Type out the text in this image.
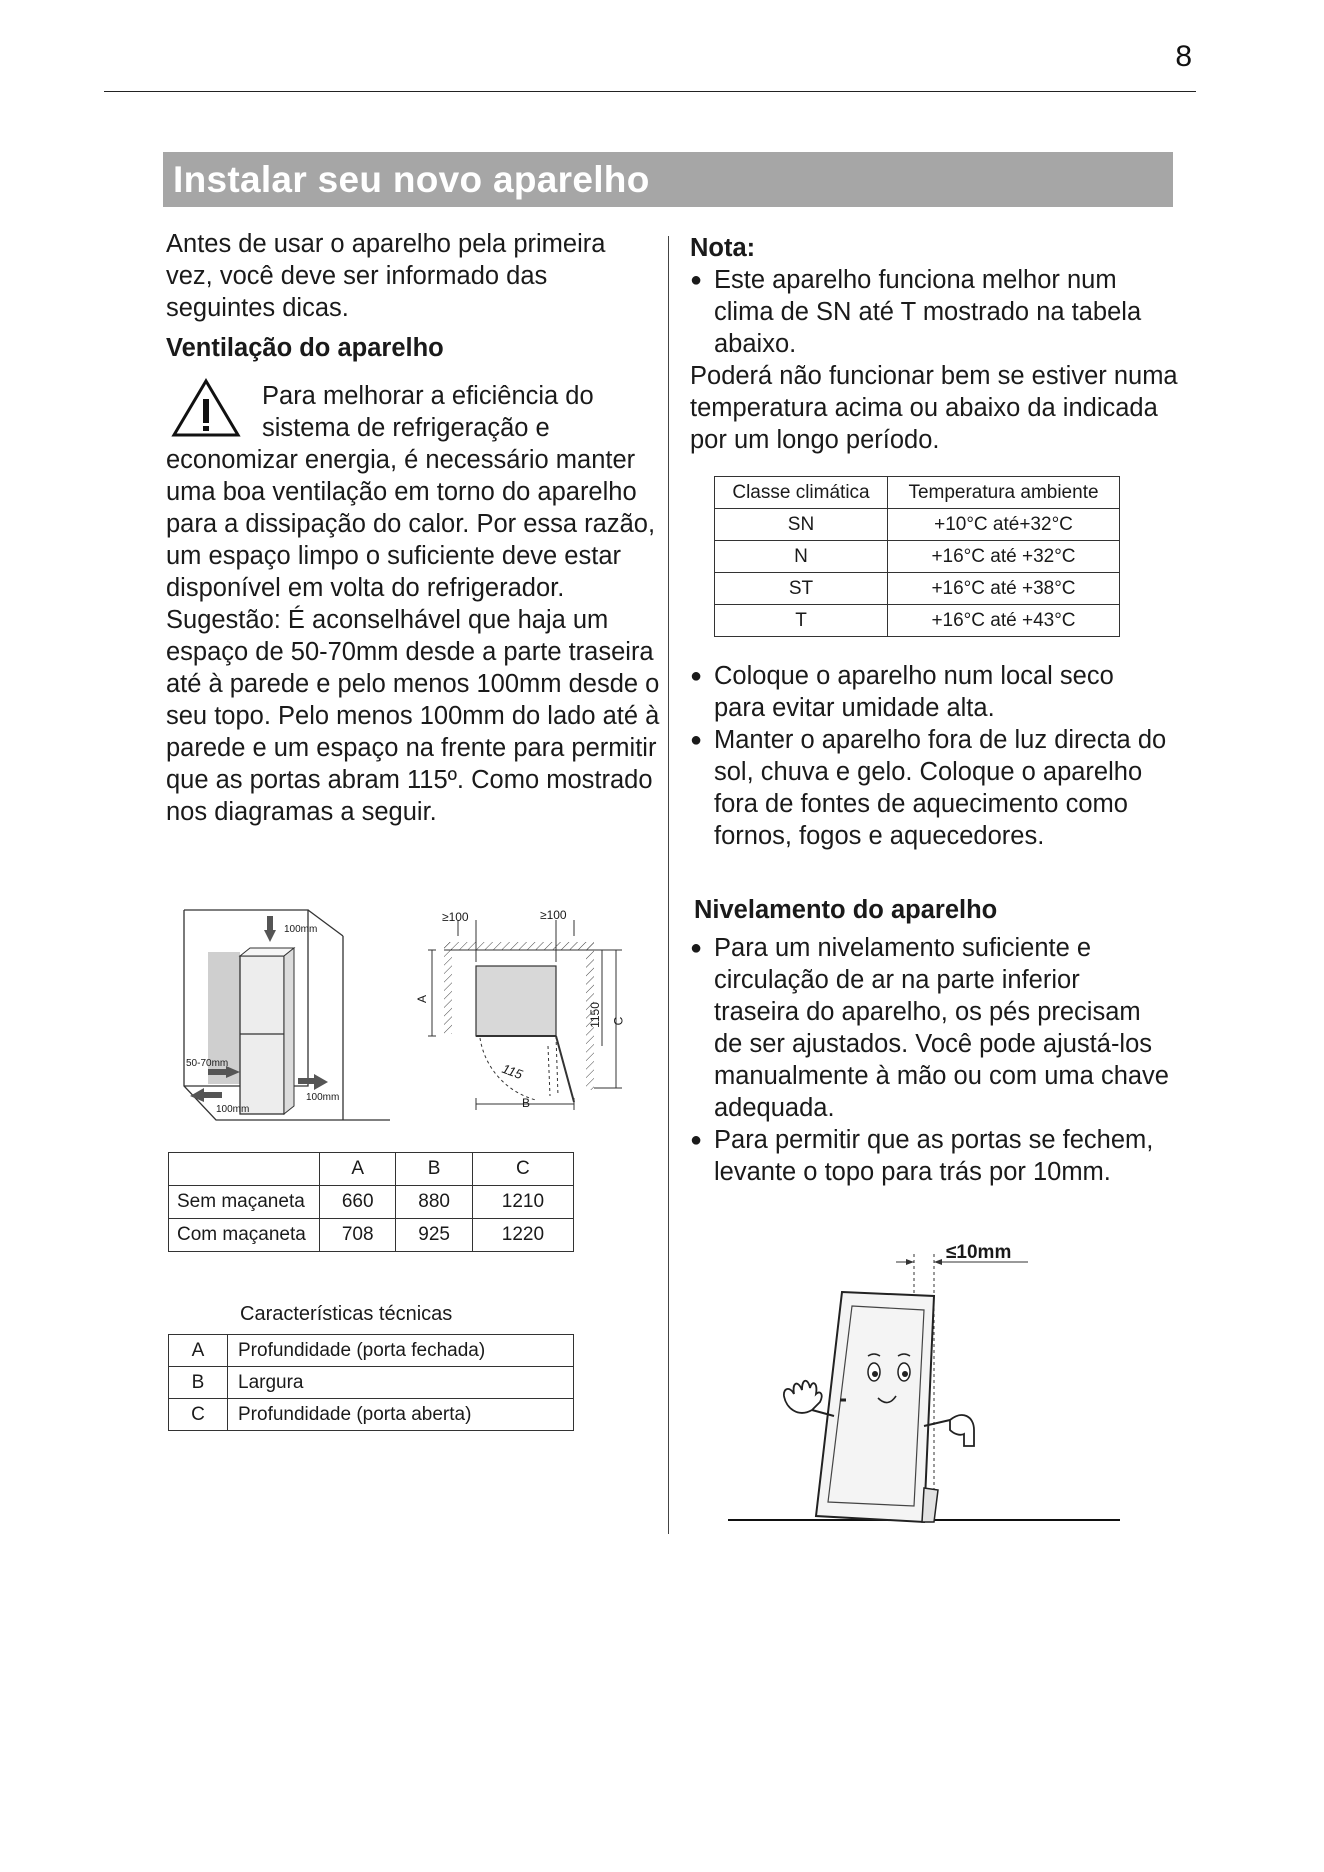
8
Instalar seu novo aparelho
Antes de usar o aparelho pela primeira vez, você deve ser informado das seguintes dicas.
Ventilação do aparelho
Para melhorar a eficiência do sistema de refrigeração e
economizar energia, é necessário manter uma boa ventilação em torno do aparelho para a dissipação do calor. Por essa razão, um espaço limpo o suficiente deve estar disponível em volta do refrigerador. Sugestão: É aconselhável que haja um espaço de 50-70mm desde a parte traseira até à parede e pelo menos 100mm desde o seu topo. Pelo menos 100mm do lado até à parede e um espaço na frente para permitir que as portas abram 115º. Como mostrado nos diagramas a seguir.
100mm
50-70mm
100mm
100mm
≥100	≥100
A
1150 C
115
B
	A	B	C
Sem maçaneta	660	880	1210
Com maçaneta	708	925	1220
Características técnicas
A	Profundidade (porta fechada)
B	Largura
C	Profundidade (porta aberta)
Nota:
● Este aparelho funciona melhor num clima de SN até T mostrado na tabela abaixo.
Poderá não funcionar bem se estiver numa temperatura acima ou abaixo da indicada por um longo período.
Classe climática	Temperatura ambiente
SN	+10°C até+32°C
N	+16°C até +32°C
ST	+16°C até +38°C
T	+16°C até +43°C
● Coloque o aparelho num local seco para evitar umidade alta.
● Manter o aparelho fora de luz directa do sol, chuva e gelo. Coloque o aparelho fora de fontes de aquecimento como fornos, fogos e aquecedores.
Nivelamento do aparelho
● Para um nivelamento suficiente e circulação de ar na parte inferior traseira do aparelho, os pés precisam de ser ajustados. Você pode ajustá-los manualmente à mão ou com uma chave adequada.
● Para permitir que as portas se fechem, levante o topo para trás por 10mm.
≤10mm
